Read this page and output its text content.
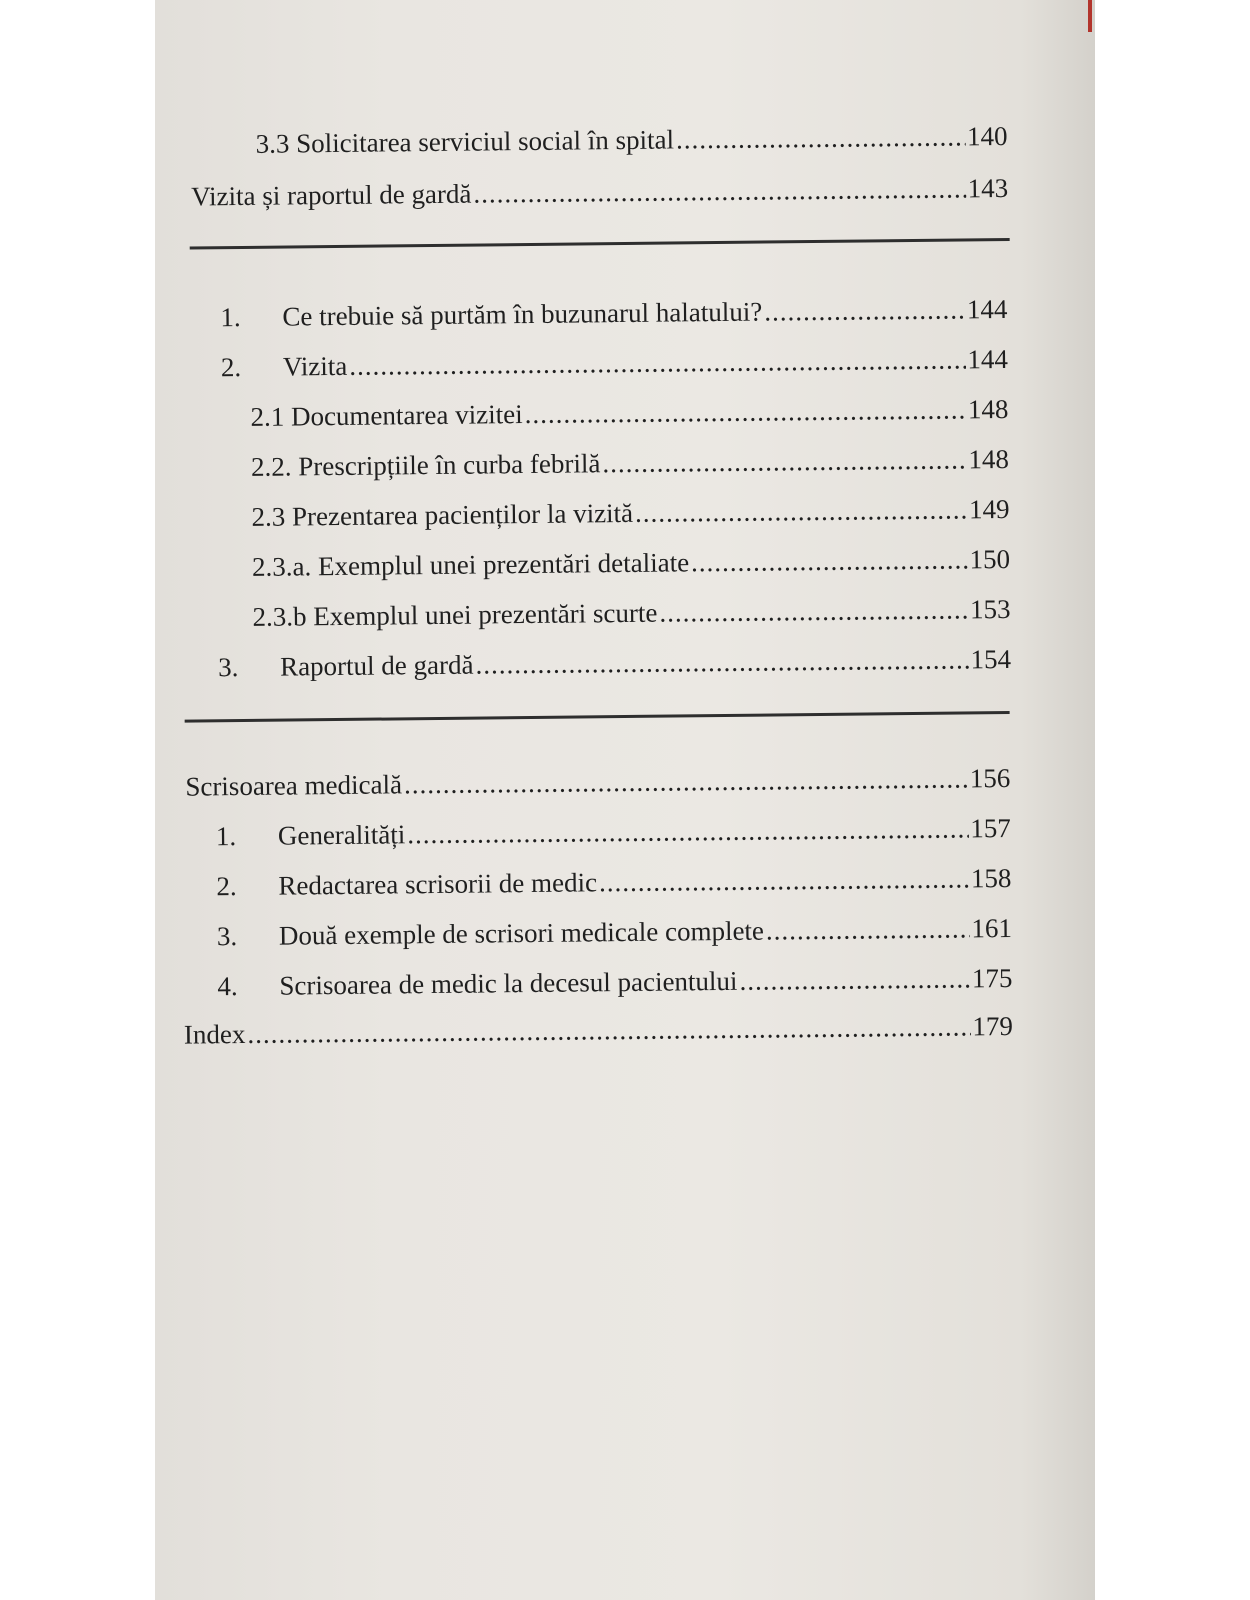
3.3 Solicitarea serviciul social în spital .....	140
Vizita și raportul de gardă .....	143
1.	Ce trebuie să purtăm în buzunarul halatului? .....	144
2.	Vizita .....	144
2.1 Documentarea vizitei .....	148
2.2. Prescripțiile în curba febrilă .....	148
2.3 Prezentarea pacienților la vizită .....	149
2.3.a. Exemplul unei prezentări detaliate .....	150
2.3.b Exemplul unei prezentări scurte .....	153
3.	Raportul de gardă .....	154
Scrisoarea medicală .....	156
1.	Generalități .....	157
2.	Redactarea scrisorii de medic .....	158
3.	Două exemple de scrisori medicale complete .....	161
4.	Scrisoarea de medic la decesul pacientului .....	175
Index .....	179
